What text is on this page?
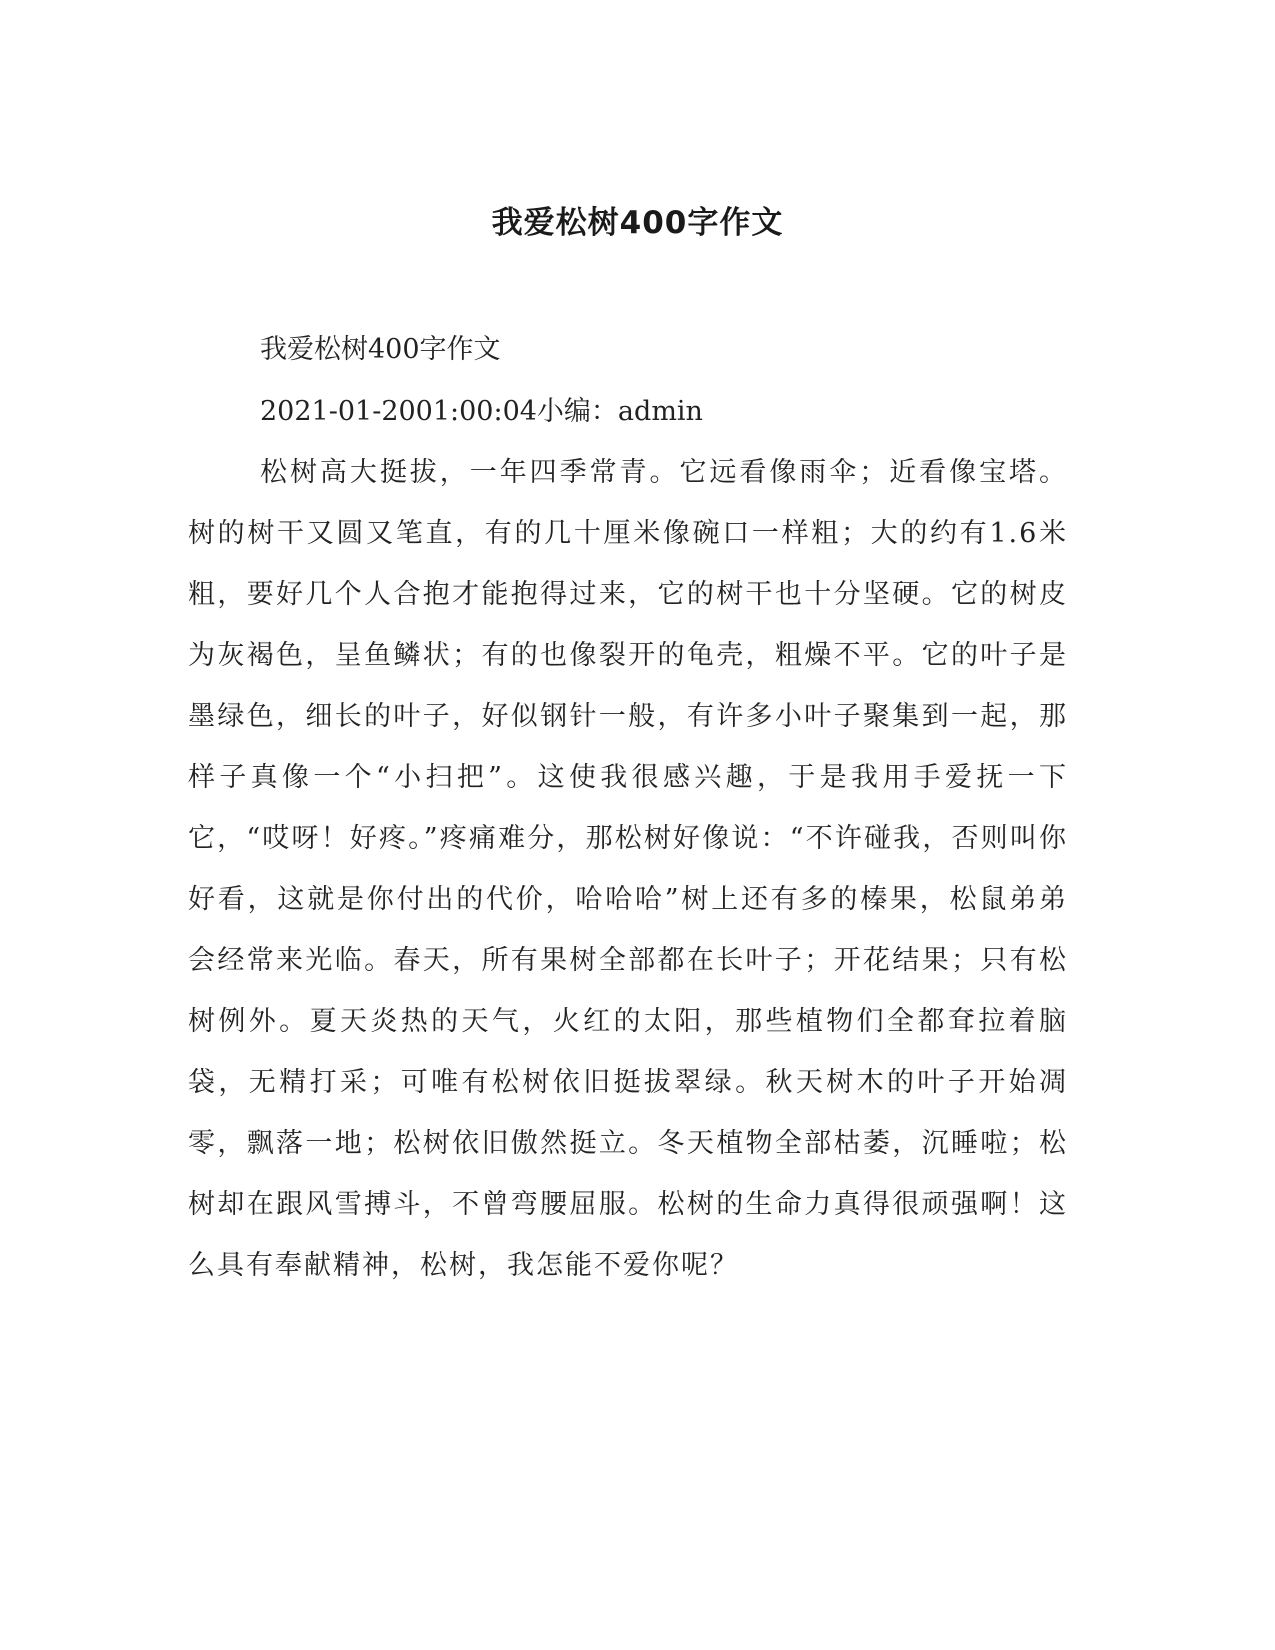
我爱松树400字作文
我爱松树400字作文
2021-01-2001:00:04小编：admin

松树高大挺拔，一年四季常青。它远看像雨伞；近看像宝塔。树的树干又圆又笔直，有的几十厘米像碗口一样粗；大的约有1.6米粗，要好几个人合抱才能抱得过来，它的树干也十分坚硬。它的树皮为灰褐色，呈鱼鳞状；有的也像裂开的龟壳，粗燥不平。它的叶子是墨绿色，细长的叶子，好似钢针一般，有许多小叶子聚集到一起，那样子真像一个“小扫把”。这使我很感兴趣，于是我用手爱抚一下它，“哎呀！好疼。”疼痛难分，那松树好像说：“不许碰我，否则叫你好看，这就是你付出的代价，哈哈哈”树上还有多的榛果，松鼠弟弟会经常来光临。春天，所有果树全部都在长叶子；开花结果；只有松树例外。夏天炎热的天气，火红的太阳，那些植物们全都耷拉着脑袋，无精打采；可唯有松树依旧挺拔翠绿。秋天树木的叶子开始凋零，飘落一地；松树依旧傲然挺立。冬天植物全部枯萎，沉睡啦；松树却在跟风雪搏斗，不曾弯腰屈服。松树的生命力真得很顽强啊！这么具有奉献精神，松树，我怎能不爱你呢？
